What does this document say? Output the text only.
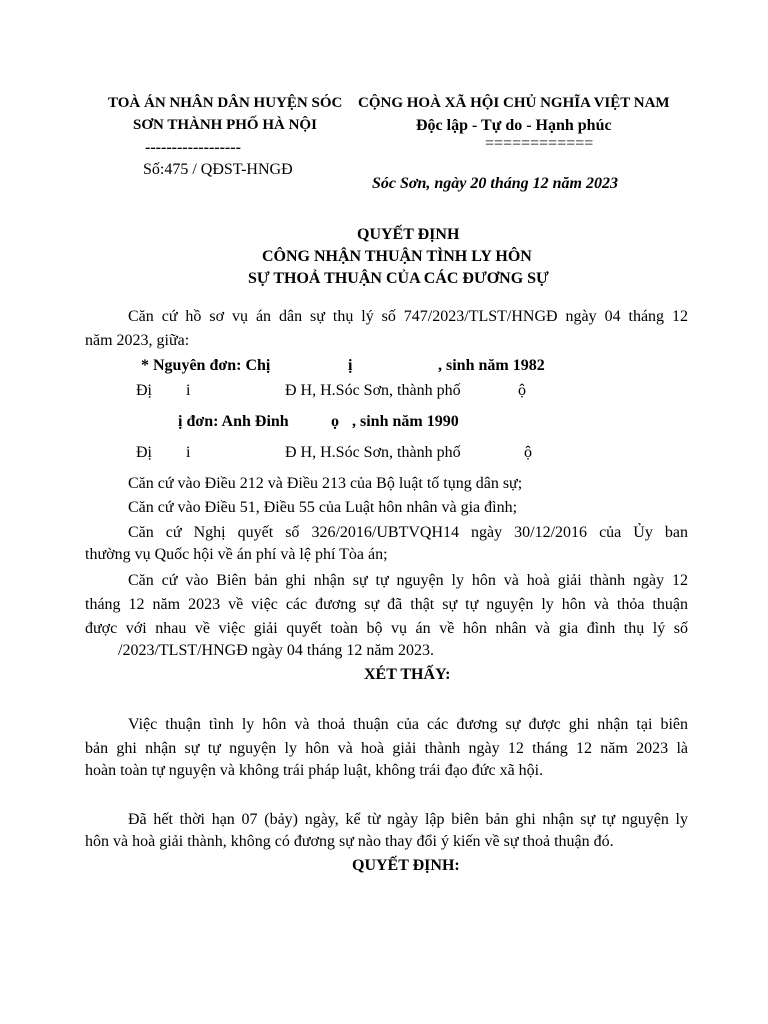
TOÀ ÁN NHÂN DÂN HUYỆN SÓC
SƠN THÀNH PHỐ HÀ NỘI
------------------
Số:475 / QĐST-HNGĐ
CỘNG HOÀ XÃ HỘI CHỦ NGHĨA VIỆT NAM
Độc lập - Tự do - Hạnh phúc
============
Sóc Sơn, ngày 20 tháng 12 năm 2023
QUYẾT ĐỊNH
CÔNG NHẬN THUẬN TÌNH LY HÔN
SỰ THOẢ THUẬN CỦA CÁC ĐƯƠNG SỰ
Căn cứ hồ sơ vụ án dân sự thụ lý số 747/2023/TLST/HNGĐ ngày 04 tháng 12
năm 2023, giữa:
* Nguyên đơn: Chị	ị	, sinh năm 1982
Đị i	Đ H, H.Sóc Sơn, thành phố	ộ
ị đơn: Anh Đinh	ọ , sinh năm 1990
Đị i	Đ H, H.Sóc Sơn, thành phố	ộ
Căn cứ vào Điều 212 và Điều 213 của Bộ luật tố tụng dân sự;
Căn cứ vào Điều 51, Điều 55 của Luật hôn nhân và gia đình;
Căn cứ Nghị quyết số 326/2016/UBTVQH14 ngày 30/12/2016 của Ủy ban
thường vụ Quốc hội về án phí và lệ phí Tòa án;
Căn cứ vào Biên bản ghi nhận sự tự nguyện ly hôn và hoà giải thành ngày 12
tháng 12 năm 2023 về việc các đương sự đã thật sự tự nguyện ly hôn và thỏa thuận
được với nhau về việc giải quyết toàn bộ vụ án về hôn nhân và gia đình thụ lý số
/2023/TLST/HNGĐ ngày 04 tháng 12 năm 2023.
XÉT THẤY:
Việc thuận tình ly hôn và thoả thuận của các đương sự được ghi nhận tại biên
bản ghi nhận sự tự nguyện ly hôn và hoà giải thành ngày 12 tháng 12 năm 2023 là
hoàn toàn tự nguyện và không trái pháp luật, không trái đạo đức xã hội.
Đã hết thời hạn 07 (bảy) ngày, kể từ ngày lập biên bản ghi nhận sự tự nguyện ly
hôn và hoà giải thành, không có đương sự nào thay đổi ý kiến về sự thoả thuận đó.
QUYẾT ĐỊNH:
